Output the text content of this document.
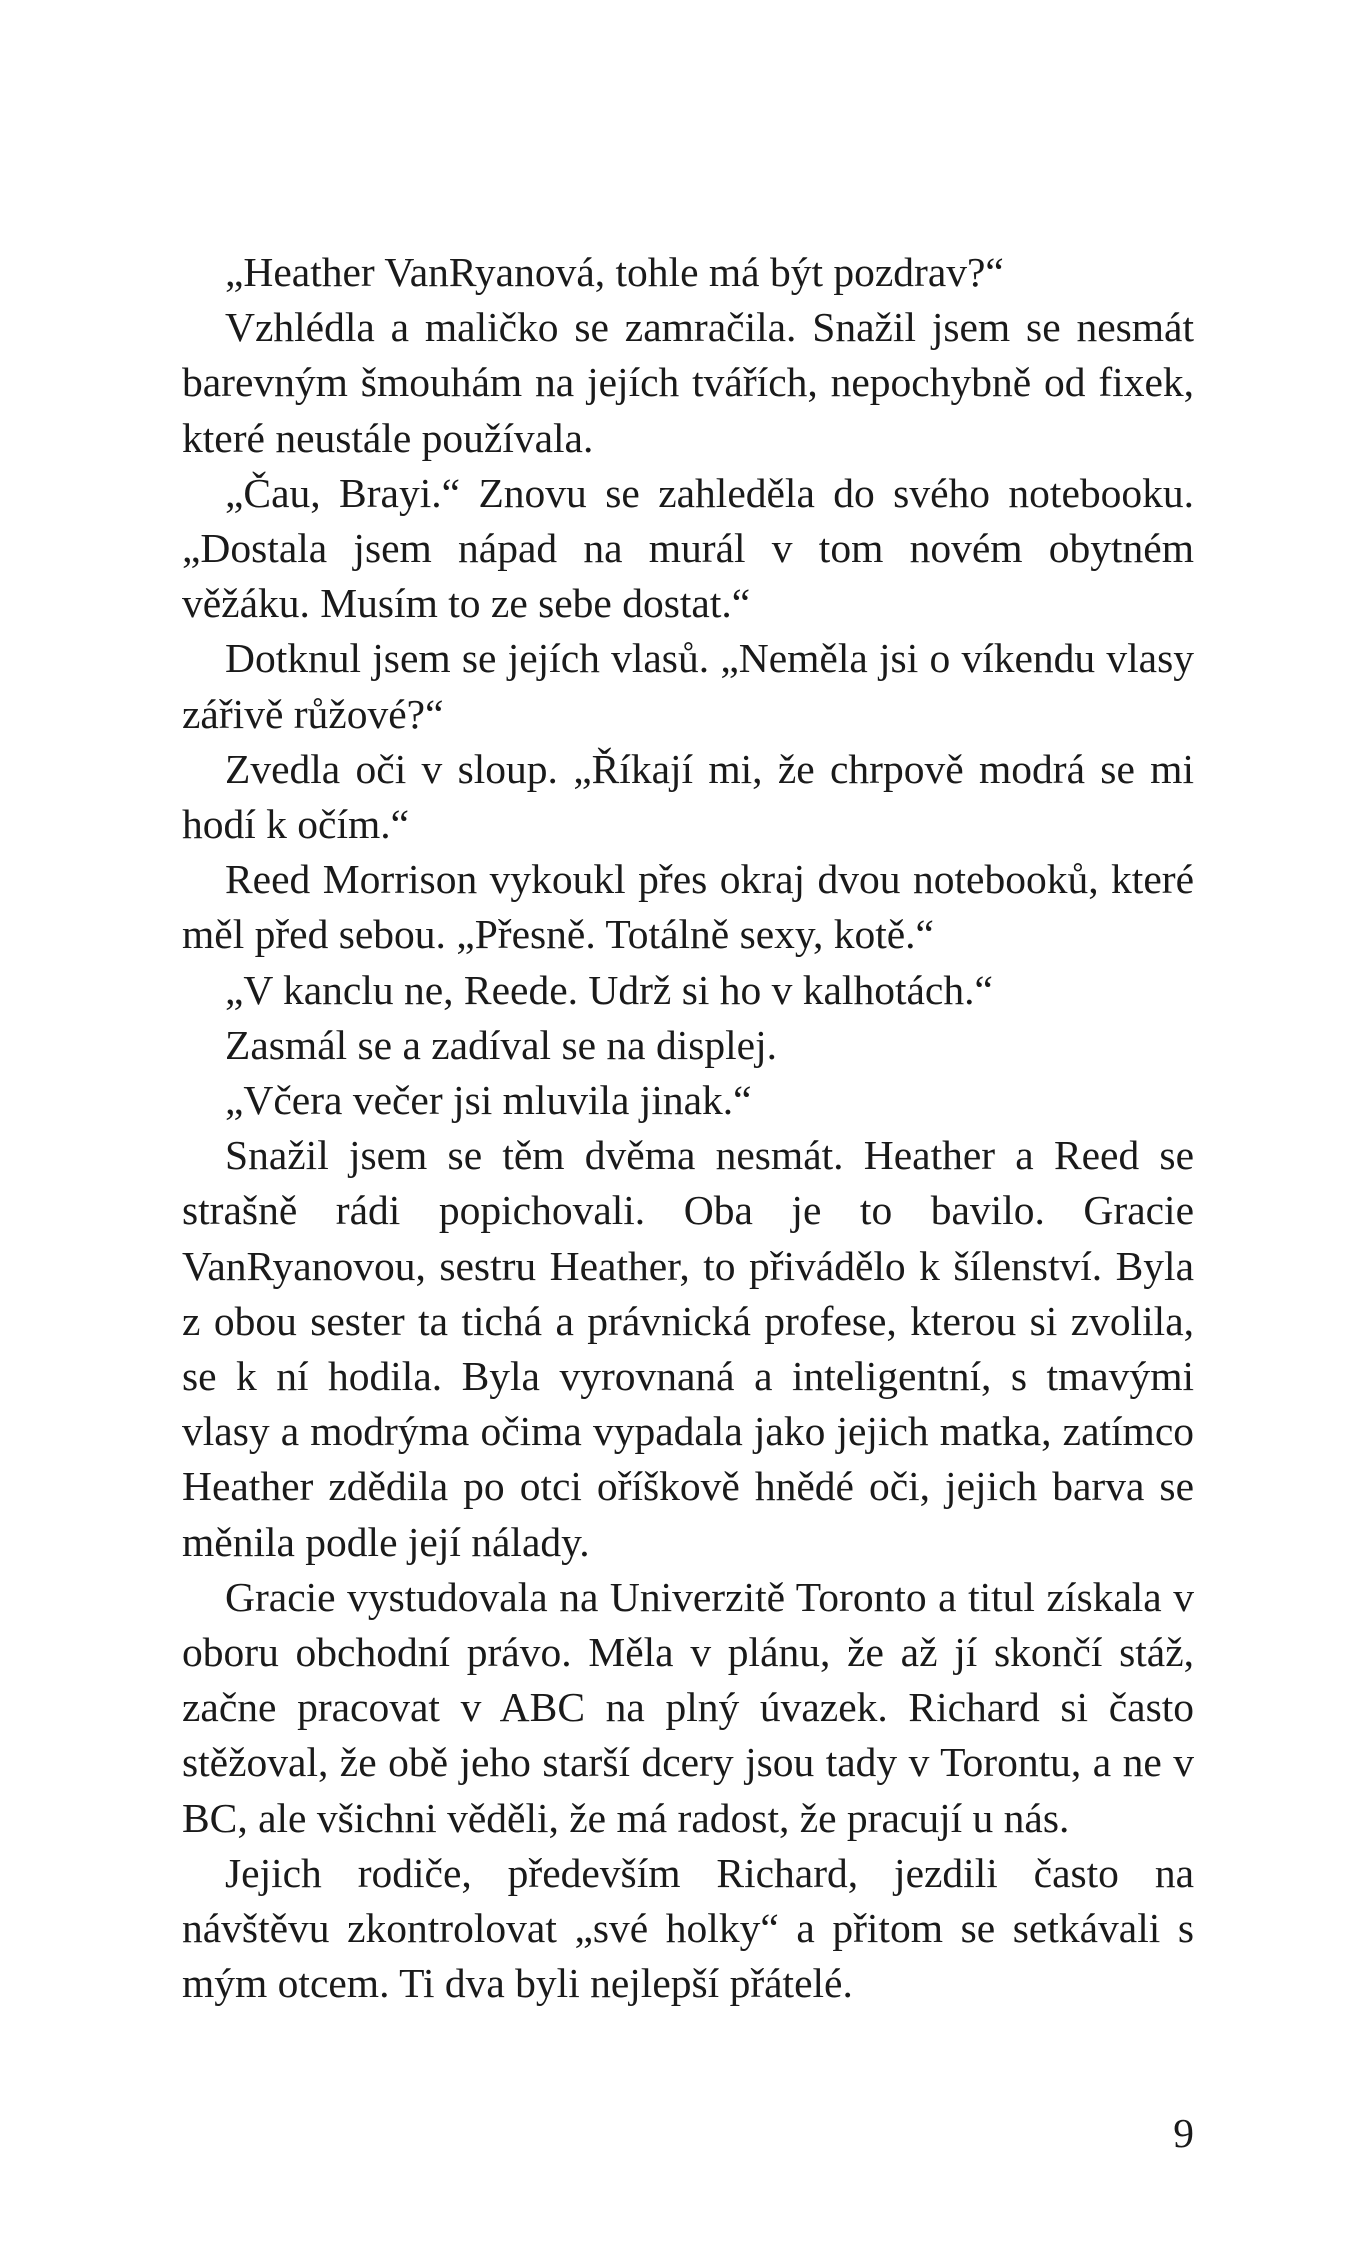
„Heather VanRyanová, tohle má být pozdrav?“

Vzhlédla a maličko se zamračila. Snažil jsem se nesmát barevným šmouhám na jejích tvářích, nepochybně od fixek, které neustále používala.

„Čau, Brayi.“ Znovu se zahleděla do svého notebooku. „Dostala jsem nápad na murál v tom novém obytném věžáku. Musím to ze sebe dostat.“

Dotknul jsem se jejích vlasů. „Neměla jsi o víkendu vlasy zářivě růžové?“

Zvedla oči v sloup. „Říkají mi, že chrpově modrá se mi hodí k očím.“

Reed Morrison vykoukl přes okraj dvou notebooků, které měl před sebou. „Přesně. Totálně sexy, kotě.“

„V kanclu ne, Reede. Udrž si ho v kalhotách.“

Zasmál se a zadíval se na displej.

„Včera večer jsi mluvila jinak.“

Snažil jsem se těm dvěma nesmát. Heather a Reed se strašně rádi popichovali. Oba je to bavilo. Gracie VanRyanovou, sestru Heather, to přivádělo k šílenství. Byla z obou sester ta tichá a právnická profese, kterou si zvolila, se k ní hodila. Byla vyrovnaná a inteligentní, s tmavými vlasy a modrýma očima vypadala jako jejich matka, zatímco Heather zdědila po otci oříškově hnědé oči, jejich barva se měnila podle její nálady.

Gracie vystudovala na Univerzitě Toronto a titul získala v oboru obchodní právo. Měla v plánu, že až jí skončí stáž, začne pracovat v ABC na plný úvazek. Richard si často stěžoval, že obě jeho starší dcery jsou tady v Torontu, a ne v BC, ale všichni věděli, že má radost, že pracují u nás.

Jejich rodiče, především Richard, jezdili často na návštěvu zkontrolovat „své holky“ a přitom se setkávali s mým otcem. Ti dva byli nejlepší přátelé.

9
